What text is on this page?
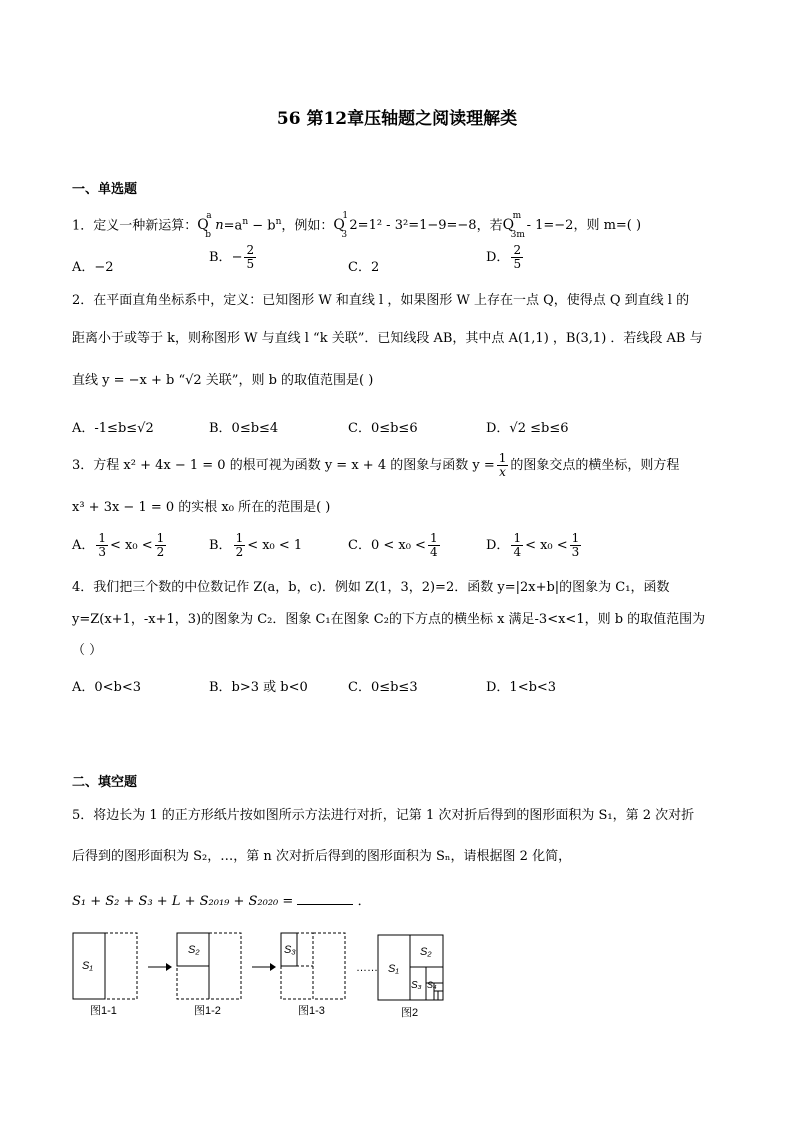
56 第12章压轴题之阅读理解类
一、单选题
1．定义一种新运算：Q
b
a
$n=a^n - b^n$，例如：Q
3
1
2=1² - 3²=1−9=−8，若Q
3m
m
- 1=−2，则 m=( )
A．−2
B．− $\frac{2}{5}$	C．2
D． $\frac{2}{5}$
2．在平面直角坐标系中，定义：已知图形 W 和直线 l ，如果图形 W 上存在一点 Q，使得点 Q 到直线 l 的
距离小于或等于 k，则称图形 W 与直线 l “k 关联”．已知线段 AB，其中点 A(1,1) ，B(3,1) ．若线段 AB 与
直线 y = −x + b “√2 关联”，则 b 的取值范围是( )
A．-1≤b≤√2	B．0≤b≤4	C．0≤b≤6	D．√2 ≤b≤6
3．方程 x² + 4x − 1 = 0 的根可视为函数 y = x + 4 的图象与函数 $y = \frac{1}{x}$ 的图象交点的横坐标，则方程
x³ + 3x − 1 = 0 的实根 x₀ 所在的范围是( )
A． $\frac{1}{3} < x_0 < \frac{1}{2}$	B． $\frac{1}{2} < x_0 < 1$	C．$0 < x_0 < \frac{1}{4}$	D． $\frac{1}{4} < x_0 < \frac{1}{3}$
4．我们把三个数的中位数记作 Z(a，b，c)．例如 Z(1，3，2)=2．函数 y=|2x+b|的图象为 C₁，函数
y=Z(x+1，-x+1，3)的图象为 C₂．图象 C₁在图象 C₂的下方点的横坐标 x 满足-3<x<1，则 b 的取值范围为
（ ）
A．0<b<3	B．b>3 或 b<0	C．0≤b≤3	D．1<b<3
二、填空题
5．将边长为 1 的正方形纸片按如图所示方法进行对折，记第 1 次对折后得到的图形面积为 S₁，第 2 次对折
后得到的图形面积为 S₂，…，第 n 次对折后得到的图形面积为 Sₙ，请根据图 2 化简，
S₁ + S₂ + S₃ + L + S₂₀₁₉ + S₂₀₂₀ =	．
S₁
S₂	S₃
…… S₁
S₂
S₃ S₄
图1-1	图1-2	图1-3	图2
